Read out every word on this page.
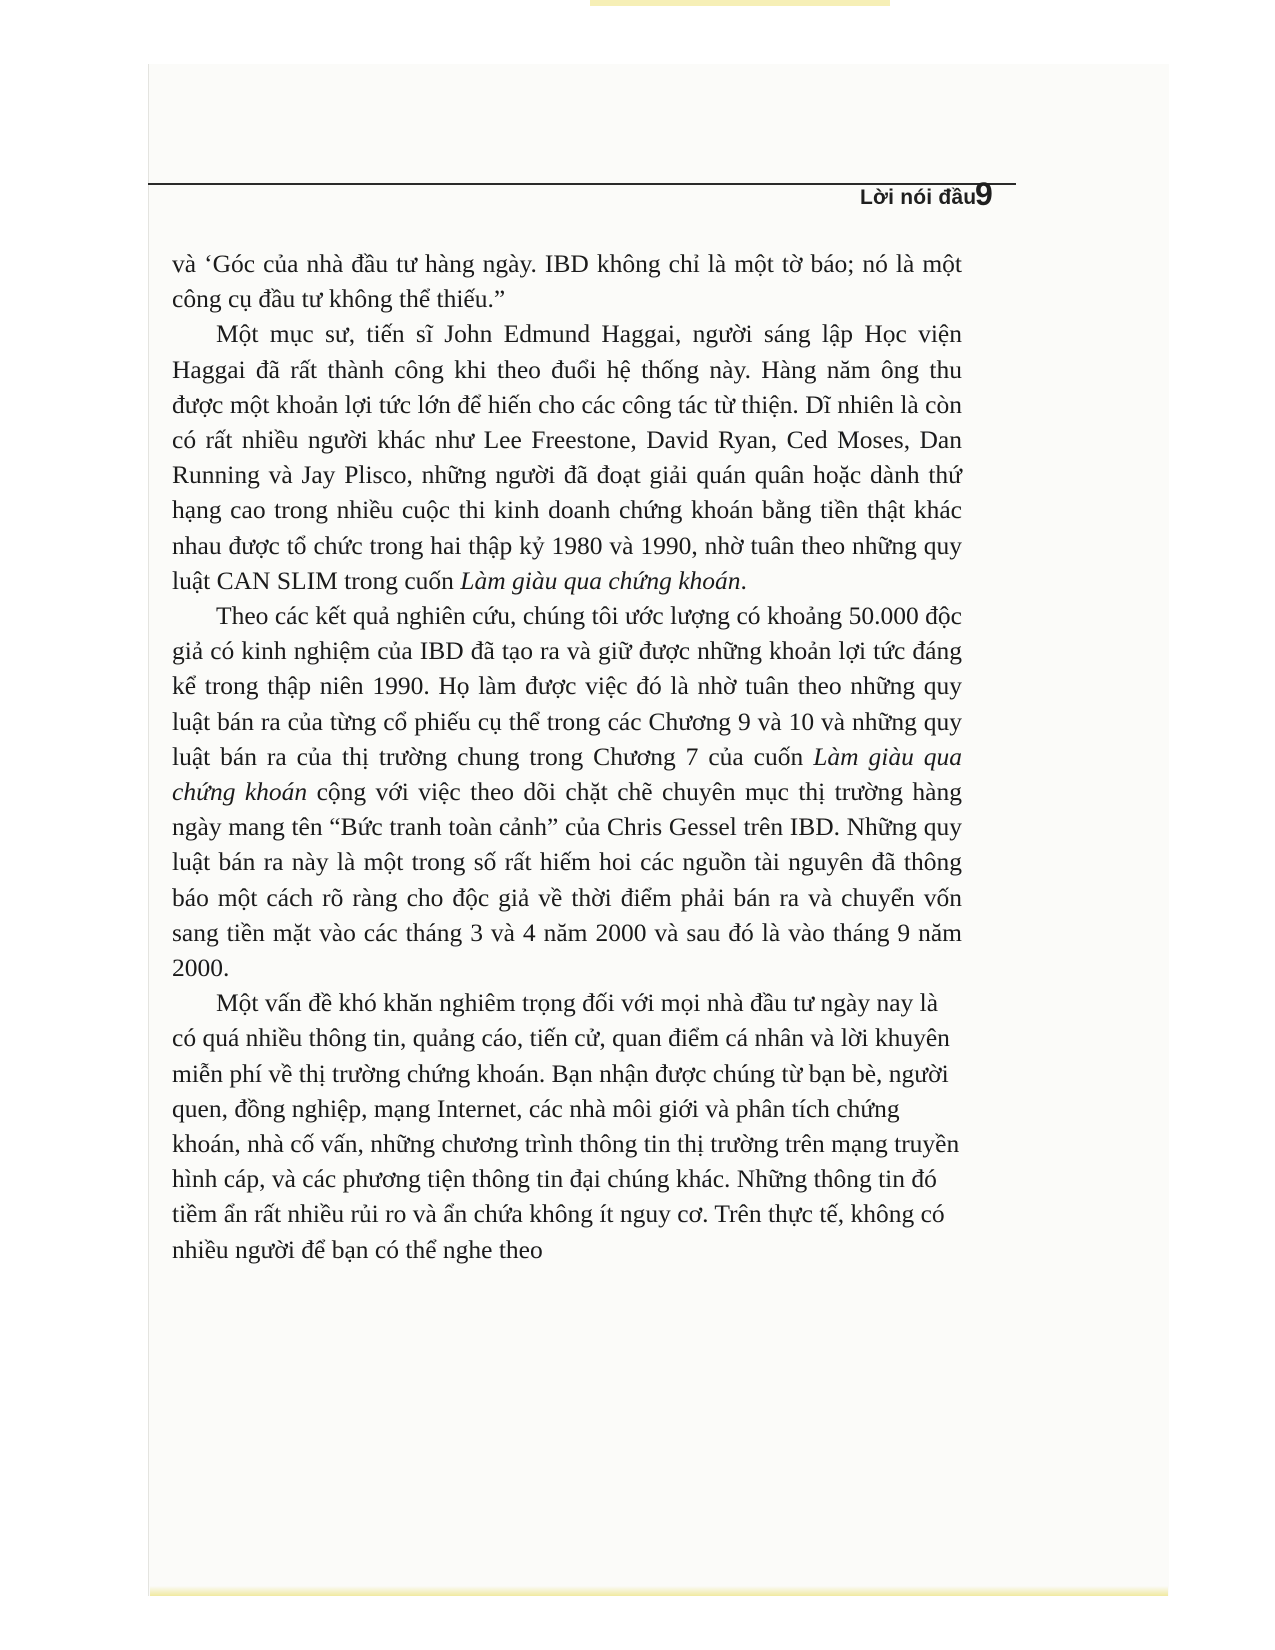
Lời nói đầu
9

và ‘Góc của nhà đầu tư hàng ngày. IBD không chỉ là một tờ báo; nó là một công cụ đầu tư không thể thiếu.”

Một mục sư, tiến sĩ John Edmund Haggai, người sáng lập Học viện Haggai đã rất thành công khi theo đuổi hệ thống này. Hàng năm ông thu được một khoản lợi tức lớn để hiến cho các công tác từ thiện. Dĩ nhiên là còn có rất nhiều người khác như Lee Freestone, David Ryan, Ced Moses, Dan Running và Jay Plisco, những người đã đoạt giải quán quân hoặc dành thứ hạng cao trong nhiều cuộc thi kinh doanh chứng khoán bằng tiền thật khác nhau được tổ chức trong hai thập kỷ 1980 và 1990, nhờ tuân theo những quy luật CAN SLIM trong cuốn Làm giàu qua chứng khoán.

Theo các kết quả nghiên cứu, chúng tôi ước lượng có khoảng 50.000 độc giả có kinh nghiệm của IBD đã tạo ra và giữ được những khoản lợi tức đáng kể trong thập niên 1990. Họ làm được việc đó là nhờ tuân theo những quy luật bán ra của từng cổ phiếu cụ thể trong các Chương 9 và 10 và những quy luật bán ra của thị trường chung trong Chương 7 của cuốn Làm giàu qua chứng khoán cộng với việc theo dõi chặt chẽ chuyên mục thị trường hàng ngày mang tên “Bức tranh toàn cảnh” của Chris Gessel trên IBD. Những quy luật bán ra này là một trong số rất hiếm hoi các nguồn tài nguyên đã thông báo một cách rõ ràng cho độc giả về thời điểm phải bán ra và chuyển vốn sang tiền mặt vào các tháng 3 và 4 năm 2000 và sau đó là vào tháng 9 năm 2000.

Một vấn đề khó khăn nghiêm trọng đối với mọi nhà đầu tư ngày nay là có quá nhiều thông tin, quảng cáo, tiến cử, quan điểm cá nhân và lời khuyên miễn phí về thị trường chứng khoán. Bạn nhận được chúng từ bạn bè, người quen, đồng nghiệp, mạng Internet, các nhà môi giới và phân tích chứng khoán, nhà cố vấn, những chương trình thông tin thị trường trên mạng truyền hình cáp, và các phương tiện thông tin đại chúng khác. Những thông tin đó tiềm ẩn rất nhiều rủi ro và ẩn chứa không ít nguy cơ. Trên thực tế, không có nhiều người để bạn có thể nghe theo
